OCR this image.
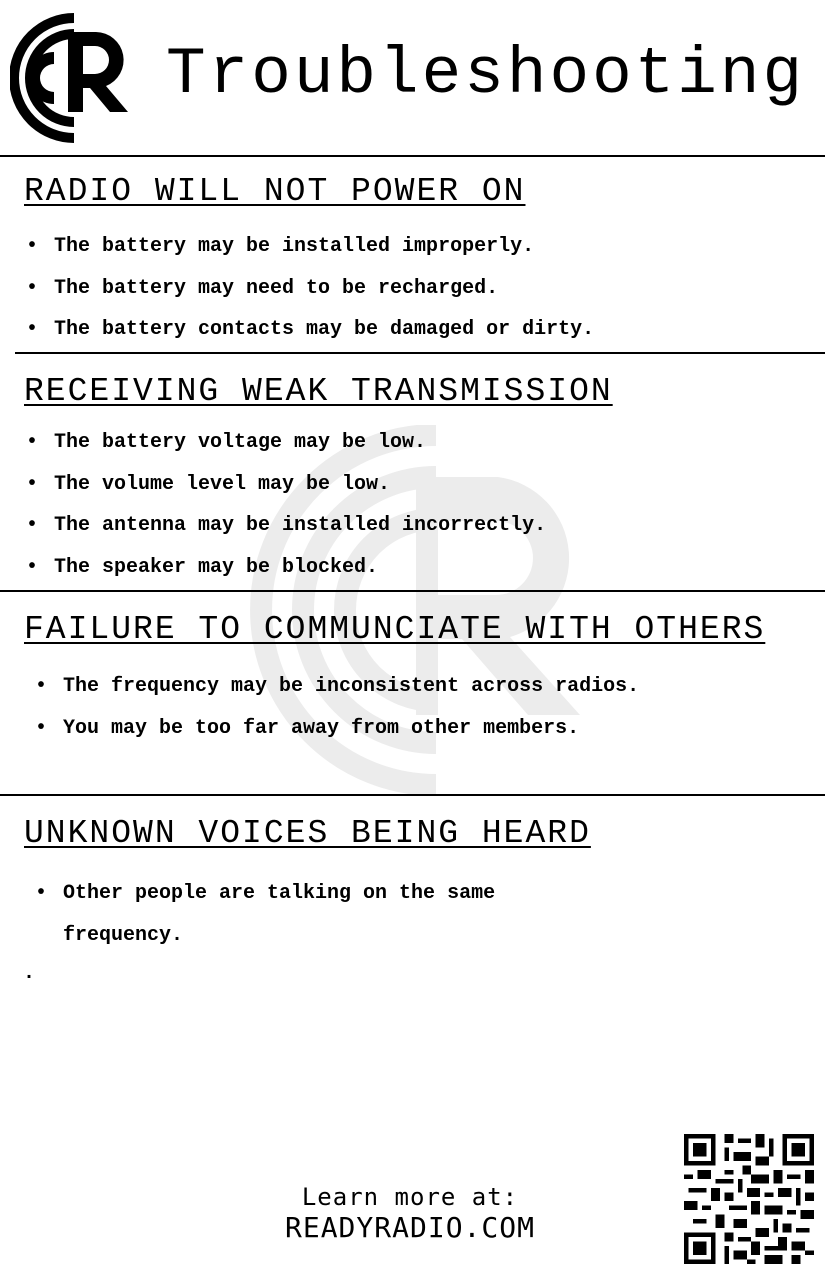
Troubleshooting
RADIO WILL NOT POWER ON
• The battery may be installed improperly.
• The battery may need to be recharged.
• The battery contacts may be damaged or dirty.
RECEIVING WEAK TRANSMISSION
• The battery voltage may be low.
• The volume level may be low.
• The antenna may be installed incorrectly.
• The speaker may be blocked.
FAILURE TO COMMUNCIATE WITH OTHERS
• The frequency may be inconsistent across radios.
• You may be too far away from other members.
UNKNOWN VOICES BEING HEARD
• Other people are talking on the same frequency.
.
Learn more at:
READYRADIO.COM
